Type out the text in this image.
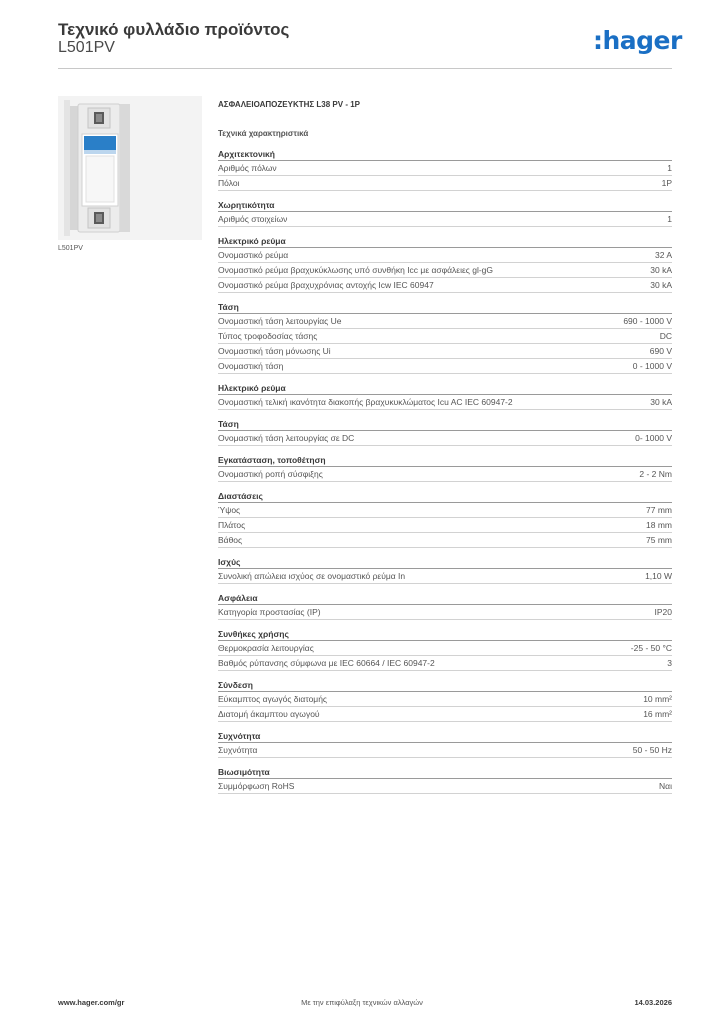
Τεχνικό φυλλάδιο προϊόντος
L501PV	:hager
L501PV
ΑΣΦΑΛΕΙΟΑΠΟΖΕΥΚΤΗΣ L38 PV - 1P
Τεχνικά χαρακτηριστικά
Αρχιτεκτονική
Αριθμός πόλων	1
Πόλοι	1P
Χωρητικότητα
Αριθμός στοιχείων	1
Ηλεκτρικό ρεύμα
Ονομαστικό ρεύμα	32 A
Ονομαστικό ρεύμα βραχυκύκλωσης υπό συνθήκη Icc με ασφάλειες gl-gG	30 kA
Ονομαστικό ρεύμα βραχυχρόνιας αντοχής Icw IEC 60947	30 kA
Τάση
Ονομαστική τάση λειτουργίας Ue	690 - 1000 V
Τύπος τροφοδοσίας τάσης	DC
Ονομαστική τάση μόνωσης Ui	690 V
Ονομαστική τάση	0 - 1000 V
Ηλεκτρικό ρεύμα
Ονομαστική τελική ικανότητα διακοπής βραχυκυκλώματος Icu AC IEC 60947-2	30 kA
Τάση
Ονομαστική τάση λειτουργίας σε DC	0- 1000 V
Εγκατάσταση, τοποθέτηση
Ονομαστική ροπή σύσφιξης	2 - 2 Nm
Διαστάσεις
Ύψος	77 mm
Πλάτος	18 mm
Βάθος	75 mm
Ισχύς
Συνολική απώλεια ισχύος σε ονομαστικό ρεύμα In	1,10 W
Ασφάλεια
Κατηγορία προστασίας (IP)	IP20
Συνθήκες χρήσης
Θερμοκρασία λειτουργίας	-25 - 50 °C
Βαθμός ρύπανσης σύμφωνα με IEC 60664 / IEC 60947-2	3
Σύνδεση
Εύκαμπτος αγωγός διατομής	10 mm²
Διατομή άκαμπτου αγωγού	16 mm²
Συχνότητα
Συχνότητα	50 - 50 Hz
Βιωσιμότητα
Συμμόρφωση RoHS	Ναι
www.hager.com/gr	Με την επιφύλαξη τεχνικών αλλαγών	14.03.2026
